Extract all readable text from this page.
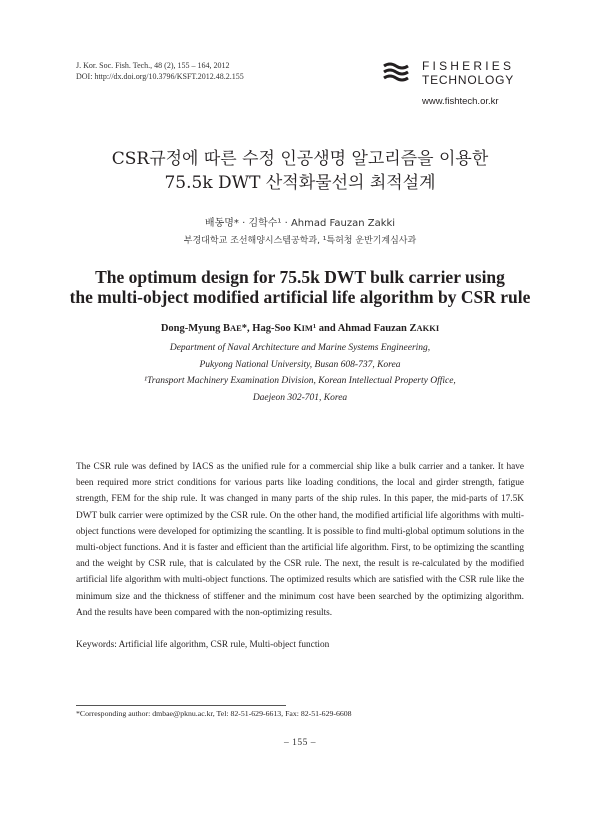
J. Kor. Soc. Fish. Tech., 48 (2), 155 – 164, 2012
DOI: http://dx.doi.org/10.3796/KSFT.2012.48.2.155
FISHERIES
TECHNOLOGY
www.fishtech.or.kr
CSR규정에 따른 수정 인공생명 알고리즘을 이용한
75.5k DWT 산적화물선의 최적설계
배동명* · 김학수¹ · Ahmad Fauzan Zakki
부경대학교 조선해양시스템공학과, ¹특허청 운반기계심사과
The optimum design for 75.5k DWT bulk carrier using
the multi-object modified artificial life algorithm by CSR rule
Dong-Myung BAE*, Hag-Soo KIM¹ and Ahmad Fauzan ZAKKI
Department of Naval Architecture and Marine Systems Engineering,
Pukyong National University, Busan 608-737, Korea
¹Transport Machinery Examination Division, Korean Intellectual Property Office,
Daejeon 302-701, Korea

The CSR rule was defined by IACS as the unified rule for a commercial ship like a bulk carrier and a tanker. It have been required more strict conditions for various parts like loading conditions, the local and girder strength, fatigue strength, FEM for the ship rule. It was changed in many parts of the ship rules. In this paper, the mid-parts of 17.5K DWT bulk carrier were optimized by the CSR rule. On the other hand, the modified artificial life algorithms with multi-object functions were developed for optimizing the scantling. It is possible to find multi-global optimum solutions in the multi-object functions. And it is faster and efficient than the artificial life algorithm. First, to be optimizing the scantling and the weight by CSR rule, that is calculated by the CSR rule. The next, the result is re-calculated by the modified artificial life algorithm with multi-object functions. The optimized results which are satisfied with the CSR rule like the minimum size and the thickness of stiffener and the minimum cost have been searched by the optimizing algorithm. And the results have been compared with the non-optimizing results.

Keywords: Artificial life algorithm, CSR rule, Multi-object function
*Corresponding author: dmbae@pknu.ac.kr, Tel: 82-51-629-6613, Fax: 82-51-629-6608
– 155 –
